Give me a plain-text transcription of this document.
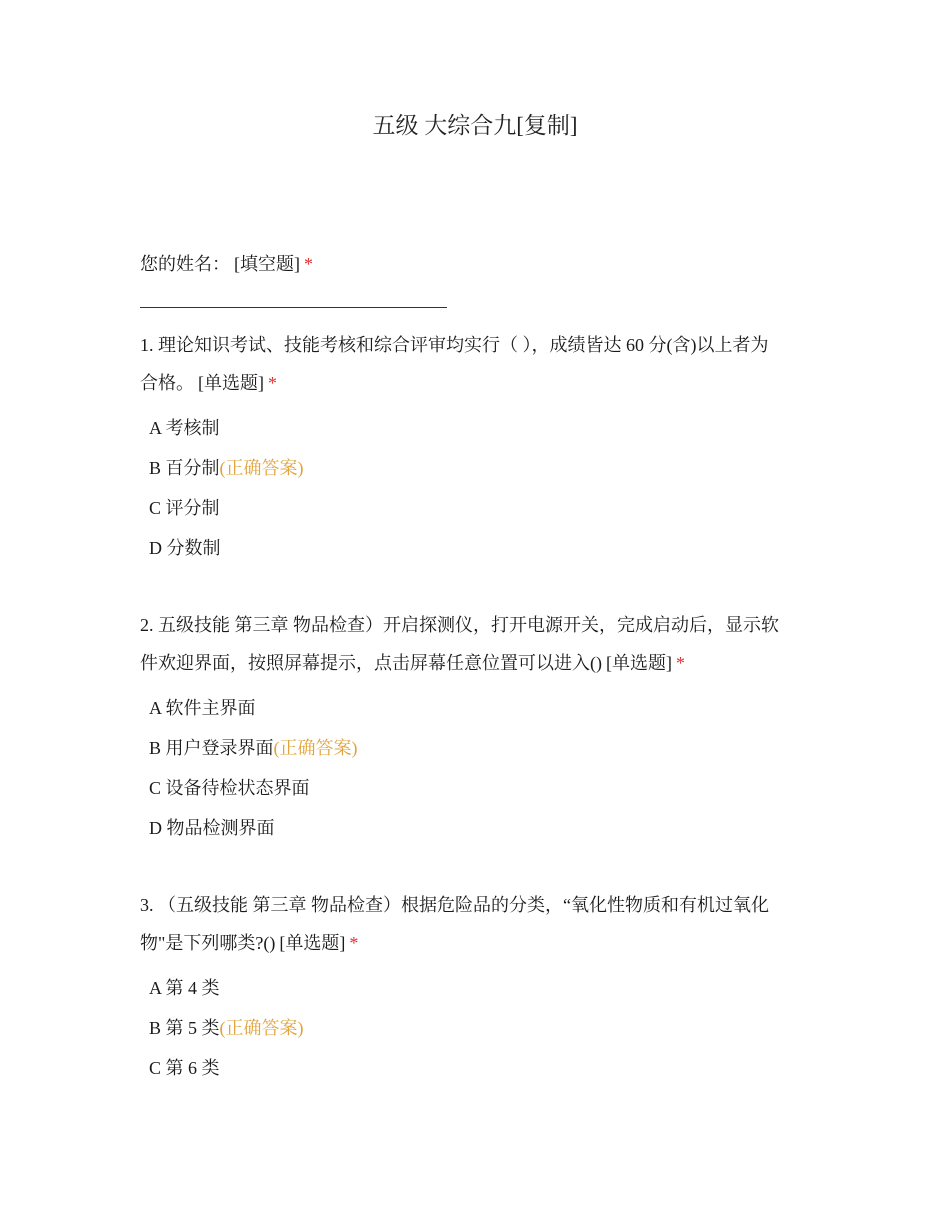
五级 大综合九[复制]
您的姓名： [填空题] *
1. 理论知识考试、技能考核和综合评审均实行（ ），成绩皆达 60 分(含)以上者为
合格。 [单选题] *
A 考核制
B 百分制(正确答案)
C 评分制
D 分数制
2. 五级技能 第三章 物品检查）开启探测仪，打开电源开关，完成启动后，显示软
件欢迎界面，按照屏幕提示，点击屏幕任意位置可以进入() [单选题] *
A 软件主界面
B 用户登录界面(正确答案)
C 设备待检状态界面
D 物品检测界面
3. （五级技能 第三章 物品检查）根据危险品的分类，“氧化性物质和有机过氧化
物"是下列哪类?() [单选题] *
A 第 4 类
B 第 5 类(正确答案)
C 第 6 类
